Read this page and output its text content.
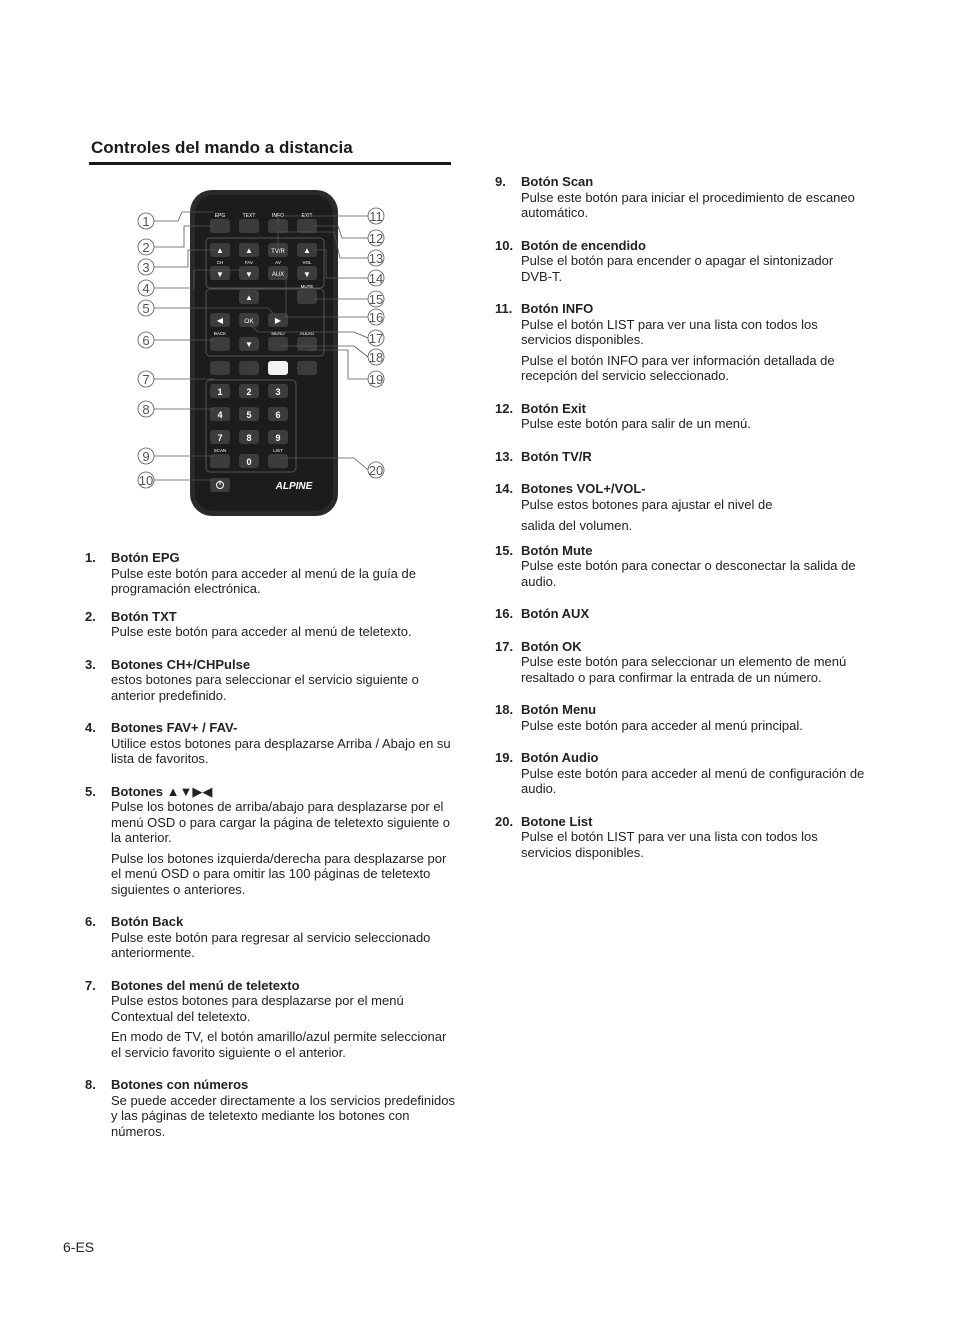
Controles del mando a distancia
EPG	TEXT	INFO	EXIT
▲	▲	▲
▼	▼	▼
TV/R
AUX
CH	FAV	AV	VOL
▲
MUTE
◀	OK	▶
BACK	MENU	AUDIO
▼
1	2	3
4	5	6
7	8	9
0
SCAN	LIST
ALPINE
1
2
3
4
5
6
7
8
9
10
11
12
13
14
15
16
17
18
19
20
1. Botón EPG

Pulse este botón para acceder al menú de la guía de programación electrónica.

2. Botón TXT

Pulse este botón para acceder al menú de teletexto.

3. Botones CH+/CHPulse

estos botones para seleccionar el servicio siguiente o anterior predefinido.

4. Botones FAV+ / FAV-

Utilice estos botones para desplazarse Arriba / Abajo en su lista de favoritos.

5. Botones ▲▼▶◀

Pulse los botones de arriba/abajo para desplazarse por el menú OSD o para cargar la página de teletexto siguiente o la anterior.

Pulse los botones izquierda/derecha para desplazarse por el menú OSD o para omitir las 100 páginas de teletexto siguientes o anteriores.

6. Botón Back

Pulse este botón para regresar al servicio seleccionado anteriormente.

7. Botones del menú de teletexto

Pulse estos botones para desplazarse por el menú Contextual del teletexto.

En modo de TV, el botón amarillo/azul permite seleccionar el servicio favorito siguiente o el anterior.

8. Botones con números

Se puede acceder directamente a los servicios predefinidos y las páginas de teletexto mediante los botones con números.

9. Botón Scan

Pulse este botón para iniciar el procedimiento de escaneo automático.

10. Botón de encendido

Pulse el botón para encender o apagar el sintonizador DVB-T.

11. Botón INFO

Pulse el botón LIST para ver una lista con todos los servicios disponibles.

Pulse el botón INFO para ver información detallada de recepción del servicio seleccionado.

12. Botón Exit

Pulse este botón para salir de un menú.

13. Botón TV/R
14. Botones VOL+/VOL-

Pulse estos botones para ajustar el nivel de

salida del volumen.

15. Botón Mute

Pulse este botón para conectar o desconectar la salida de audio.

16. Botón AUX
17. Botón OK

Pulse este botón para seleccionar un elemento de menú resaltado o para confirmar la entrada de un número.

18. Botón Menu

Pulse este botón para acceder al menú principal.

19. Botón Audio

Pulse este botón para acceder al menú de configuración de audio.

20. Botone List

Pulse el botón LIST para ver una lista con todos los servicios disponibles.

6-ES
